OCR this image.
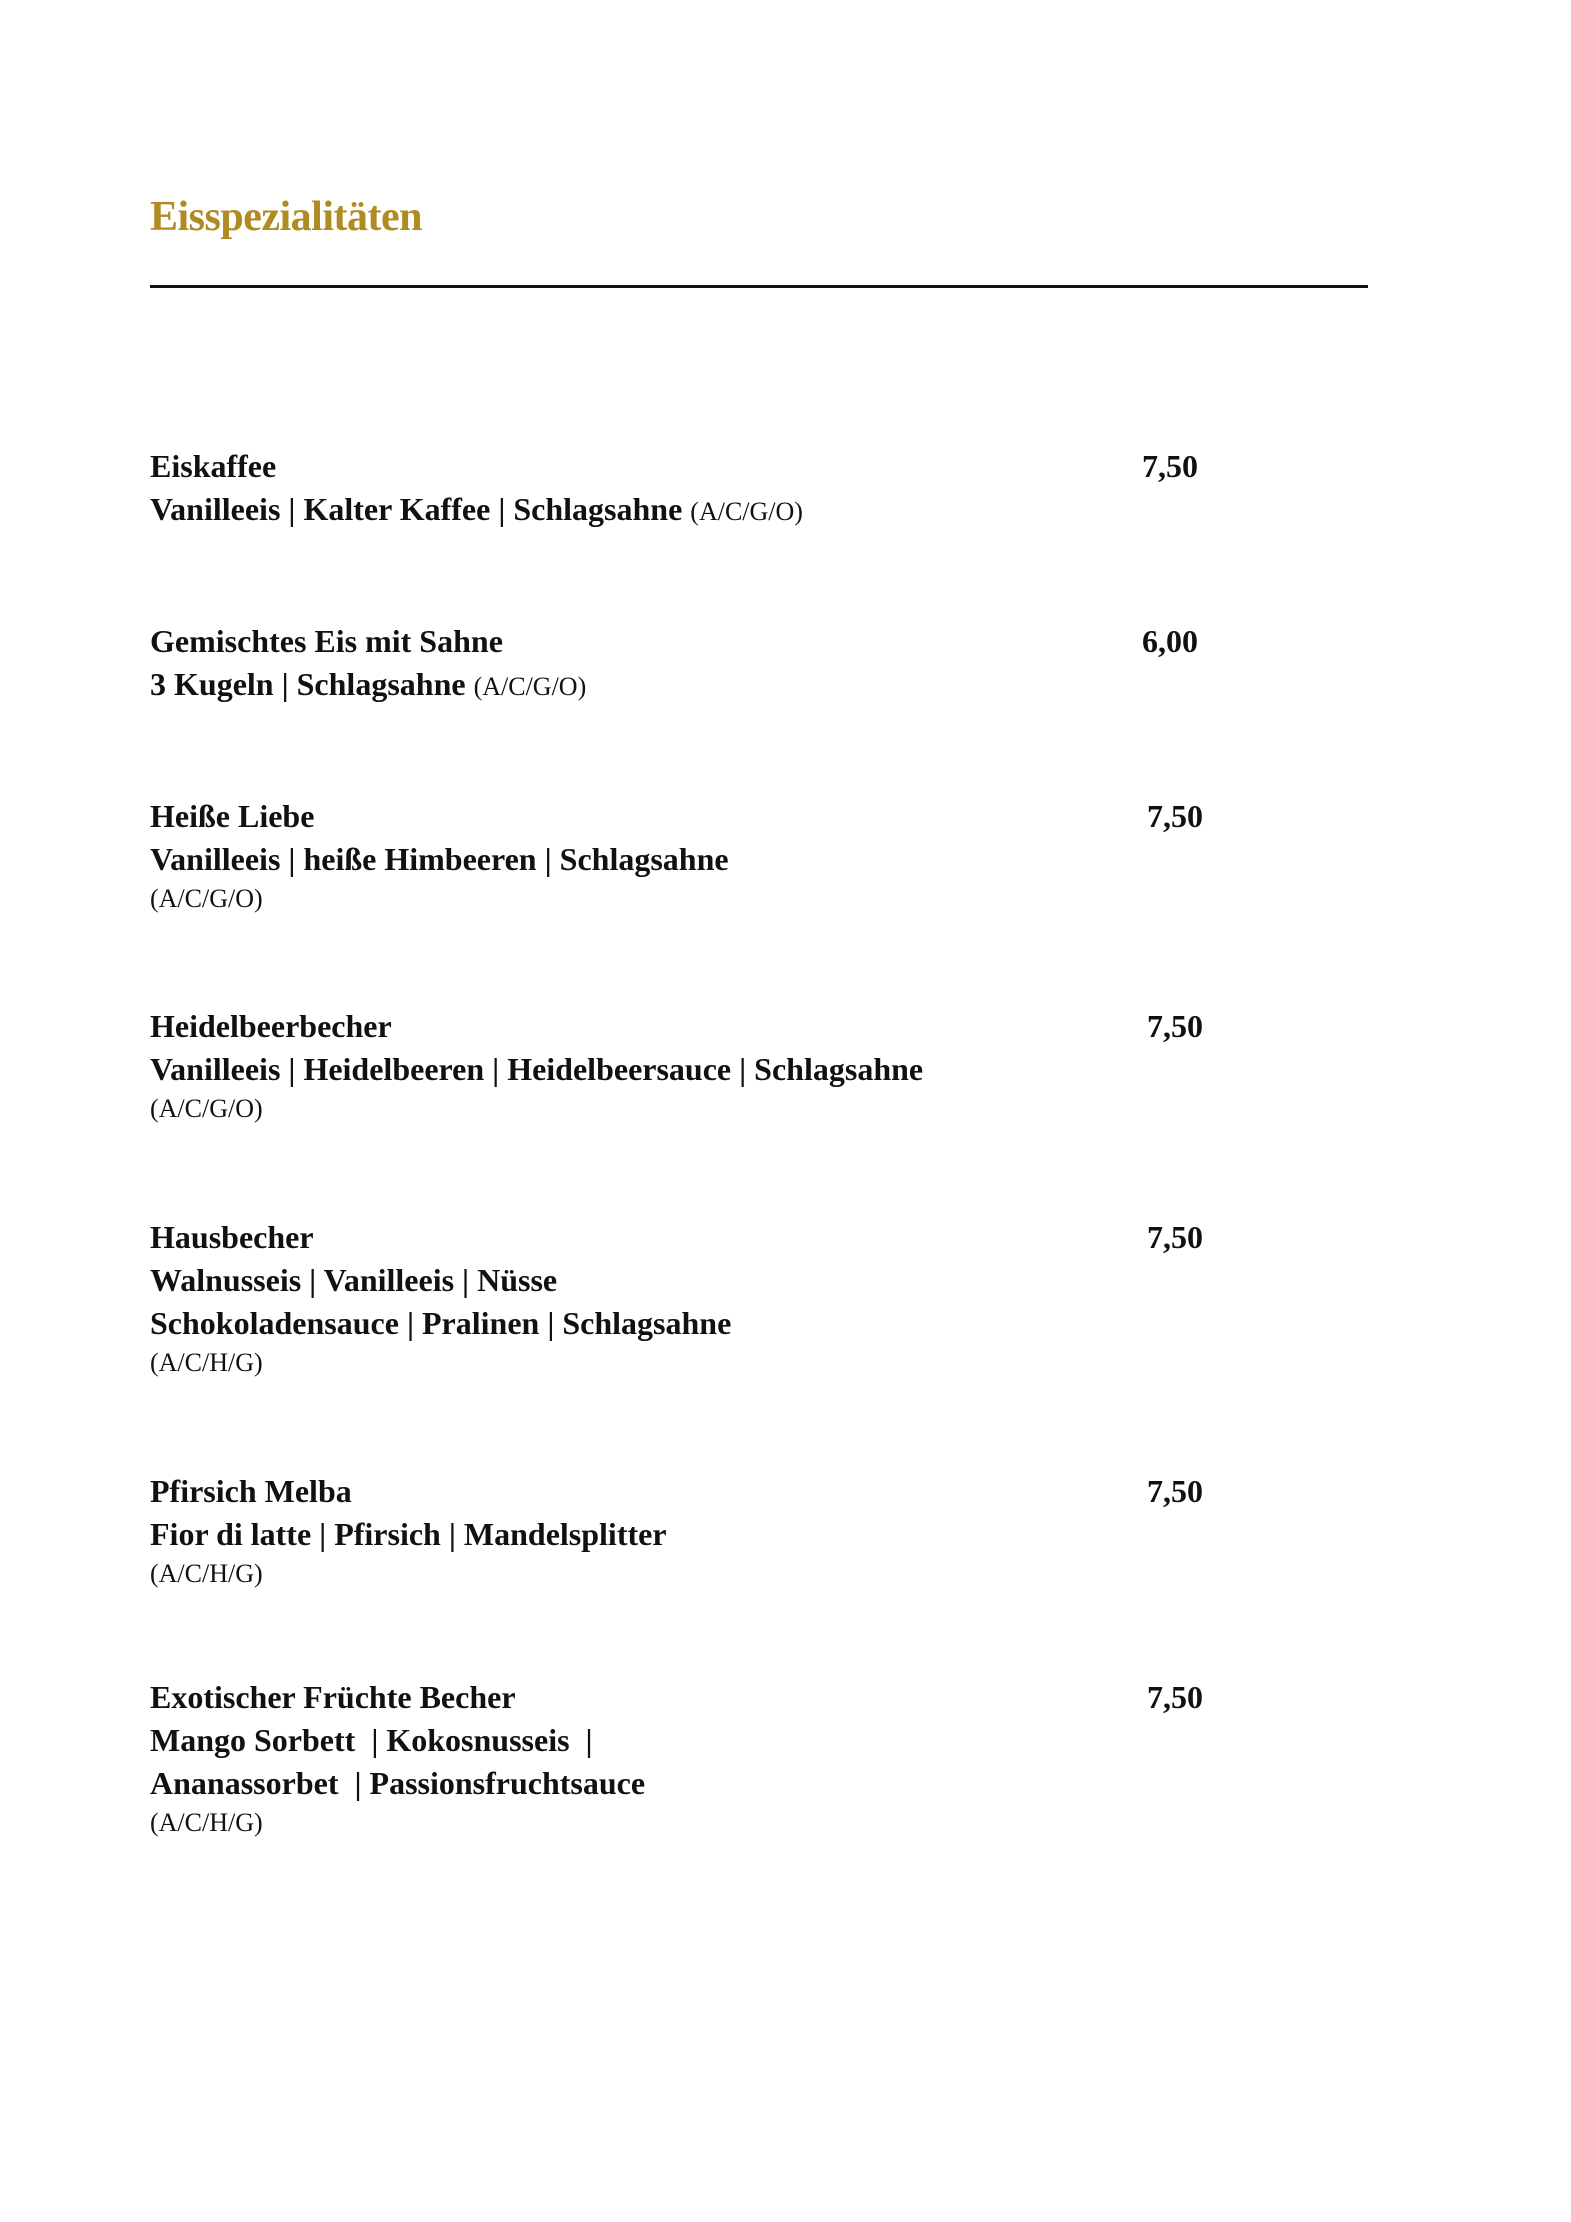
Eisspezialitäten
Eiskaffee
Vanilleeis | Kalter Kaffee | Schlagsahne (A/C/G/O)
7,50
Gemischtes Eis mit Sahne
3 Kugeln | Schlagsahne (A/C/G/O)
6,00
Heiße Liebe
Vanilleeis | heiße Himbeeren | Schlagsahne
(A/C/G/O)
7,50
Heidelbeerbecher
Vanilleeis | Heidelbeeren | Heidelbeersauce | Schlagsahne
(A/C/G/O)
7,50
Hausbecher
Walnusseis | Vanilleeis | Nüsse
Schokoladensauce | Pralinen | Schlagsahne
(A/C/H/G)
7,50
Pfirsich Melba
Fior di latte | Pfirsich | Mandelsplitter
(A/C/H/G)
7,50
Exotischer Früchte Becher
Mango Sorbett  | Kokosnusseis  |
Ananassorbet  | Passionsfruchtsauce
(A/C/H/G)
7,50
